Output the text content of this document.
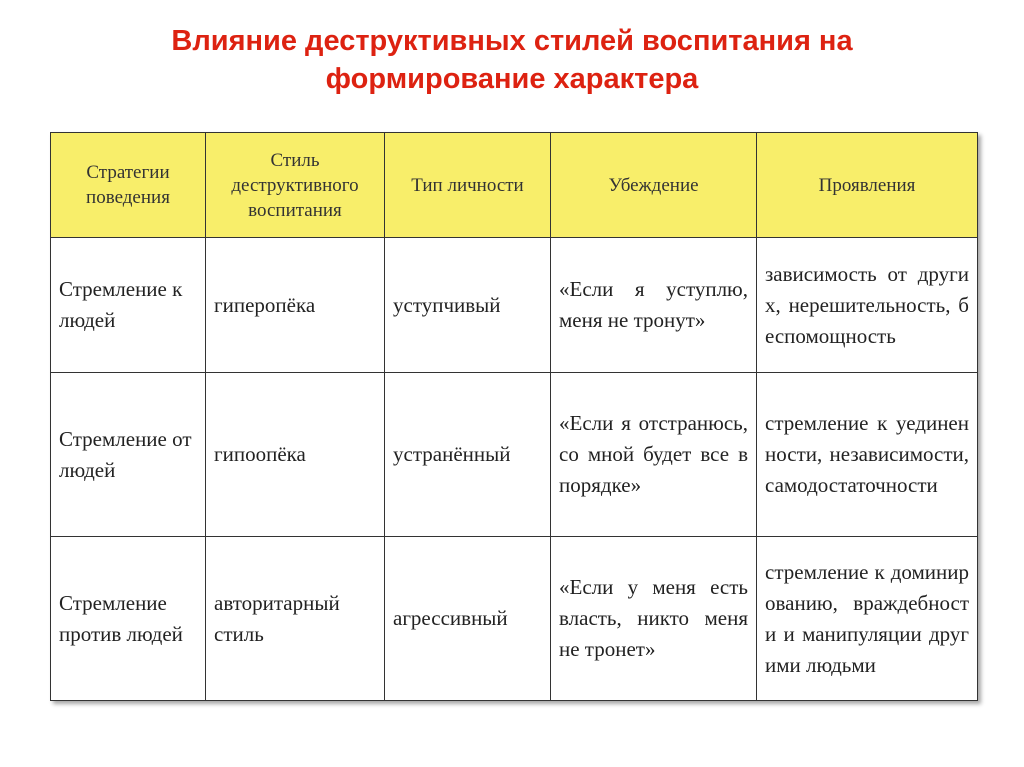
Влияние деструктивных стилей воспитания на
формирование характера
Стратегии поведения	Стиль деструктивного воспитания	Тип личности	Убеждение	Проявления
Стремление к людей	гиперопёка	уступчивый	«Если я уступлю, меня не тронут»	зависимость от других, нерешительность, беспомощность
Стремление от людей	гипоопёка	устранённый	«Если я отстранюсь, со мной будет все в порядке»	стремление к уединенности, независимости, самодостаточности
Стремление против людей	авторитарный стиль	агрессивный	«Если у меня есть власть, никто меня не тронет»	стремление к доминированию, враждебности и манипуляции другими людьми
